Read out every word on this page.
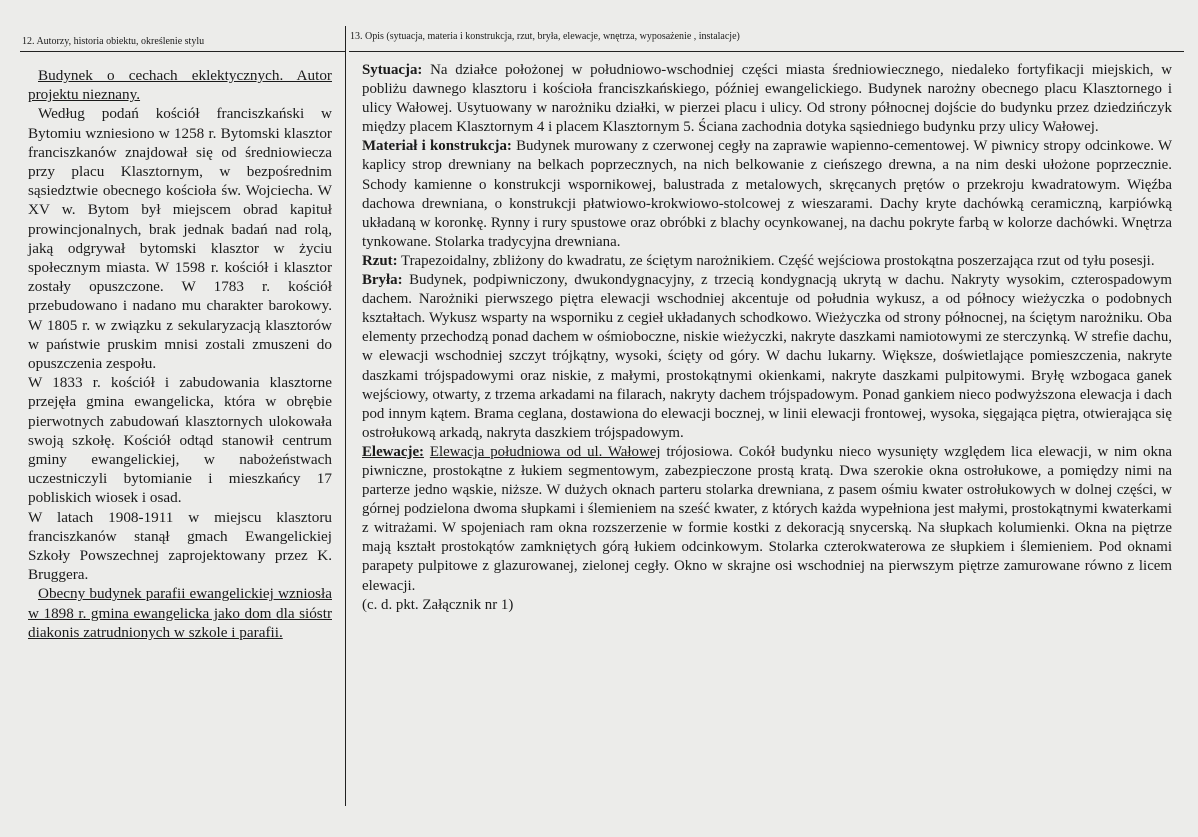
12. Autorzy, historia obiektu, określenie stylu	13. Opis (sytuacja, materia i konstrukcja, rzut, bryła, elewacje, wnętrza, wyposażenie , instalacje)

Budynek o cechach eklektycznych. Autor projektu nieznany.

Według podań kościół franciszkański w Bytomiu wzniesiono w 1258 r. Bytomski klasztor franciszkanów znajdował się od średniowiecza przy placu Klasztornym, w bezpośrednim sąsiedztwie obecnego kościoła św. Wojciecha. W XV w. Bytom był miejscem obrad kapituł prowincjonalnych, brak jednak badań nad rolą, jaką odgrywał bytomski klasztor w życiu społecznym miasta. W 1598 r. kościół i klasztor zostały opuszczone. W 1783 r. kościół przebudowano i nadano mu charakter barokowy. W 1805 r. w związku z sekularyzacją klasztorów w państwie pruskim mnisi zostali zmuszeni do opuszczenia zespołu.

W 1833 r. kościół i zabudowania klasztorne przejęła gmina ewangelicka, która w obrębie pierwotnych zabudowań klasztornych ulokowała swoją szkołę. Kościół odtąd stanowił centrum gminy ewangelickiej, w nabożeństwach uczestniczyli bytomianie i mieszkańcy 17 pobliskich wiosek i osad.

W latach 1908-1911 w miejscu klasztoru franciszkanów stanął gmach Ewangelickiej Szkoły Powszechnej zaprojektowany przez K. Bruggera.

Obecny budynek parafii ewangelickiej wzniosła w 1898 r. gmina ewangelicka jako dom dla sióstr diakonis zatrudnionych w szkole i parafii.

Sytuacja: Na działce położonej w południowo-wschodniej części miasta średniowiecznego, niedaleko fortyfikacji miejskich, w pobliżu dawnego klasztoru i kościoła franciszkańskiego, później ewangelickiego. Budynek narożny obecnego placu Klasztornego i ulicy Wałowej. Usytuowany w narożniku działki, w pierzei placu i ulicy. Od strony północnej dojście do budynku przez dziedzińczyk między placem Klasztornym 4 i placem Klasztornym 5. Ściana zachodnia dotyka sąsiedniego budynku przy ulicy Wałowej.

Materiał i konstrukcja: Budynek murowany z czerwonej cegły na zaprawie wapienno-cementowej. W piwnicy stropy odcinkowe. W kaplicy strop drewniany na belkach poprzecznych, na nich belkowanie z cieńszego drewna, a na nim deski ułożone poprzecznie. Schody kamienne o konstrukcji wspornikowej, balustrada z metalowych, skręcanych prętów o przekroju kwadratowym. Więźba dachowa drewniana, o konstrukcji płatwiowo-krokwiowo-stolcowej z wieszarami. Dachy kryte dachówką ceramiczną, karpiówką układaną w koronkę. Rynny i rury spustowe oraz obróbki z blachy ocynkowanej, na dachu pokryte farbą w kolorze dachówki. Wnętrza tynkowane. Stolarka tradycyjna drewniana.

Rzut: Trapezoidalny, zbliżony do kwadratu, ze ściętym narożnikiem. Część wejściowa prostokątna poszerzająca rzut od tyłu posesji.

Bryła: Budynek, podpiwniczony, dwukondygnacyjny, z trzecią kondygnacją ukrytą w dachu. Nakryty wysokim, czterospadowym dachem. Narożniki pierwszego piętra elewacji wschodniej akcentuje od południa wykusz, a od północy wieżyczka o podobnych kształtach. Wykusz wsparty na wsporniku z cegieł układanych schodkowo. Wieżyczka od strony północnej, na ściętym narożniku. Oba elementy przechodzą ponad dachem w ośmioboczne, niskie wieżyczki, nakryte daszkami namiotowymi ze sterczynką. W strefie dachu, w elewacji wschodniej szczyt trójkątny, wysoki, ścięty od góry. W dachu lukarny. Większe, doświetlające pomieszczenia, nakryte daszkami trójspadowymi oraz niskie, z małymi, prostokątnymi okienkami, nakryte daszkami pulpitowymi. Bryłę wzbogaca ganek wejściowy, otwarty, z trzema arkadami na filarach, nakryty dachem trójspadowym. Ponad gankiem nieco podwyższona elewacja i dach pod innym kątem. Brama ceglana, dostawiona do elewacji bocznej, w linii elewacji frontowej, wysoka, sięgająca piętra, otwierająca się ostrołukową arkadą, nakryta daszkiem trójspadowym.

Elewacje: Elewacja południowa od ul. Wałowej trójosiowa. Cokół budynku nieco wysunięty względem lica elewacji, w nim okna piwniczne, prostokątne z łukiem segmentowym, zabezpieczone prostą kratą. Dwa szerokie okna ostrołukowe, a pomiędzy nimi na parterze jedno wąskie, niższe. W dużych oknach parteru stolarka drewniana, z pasem ośmiu kwater ostrołukowych w dolnej części, w górnej podzielona dwoma słupkami i ślemieniem na sześć kwater, z których każda wypełniona jest małymi, prostokątnymi kwaterkami z witrażami. W spojeniach ram okna rozszerzenie w formie kostki z dekoracją snycerską. Na słupkach kolumienki. Okna na piętrze mają kształt prostokątów zamkniętych górą łukiem odcinkowym. Stolarka czterokwaterowa ze słupkiem i ślemieniem. Pod oknami parapety pulpitowe z glazurowanej, zielonej cegły. Okno w skrajne osi wschodniej na pierwszym piętrze zamurowane równo z licem elewacji.

(c. d. pkt. Załącznik nr 1)
